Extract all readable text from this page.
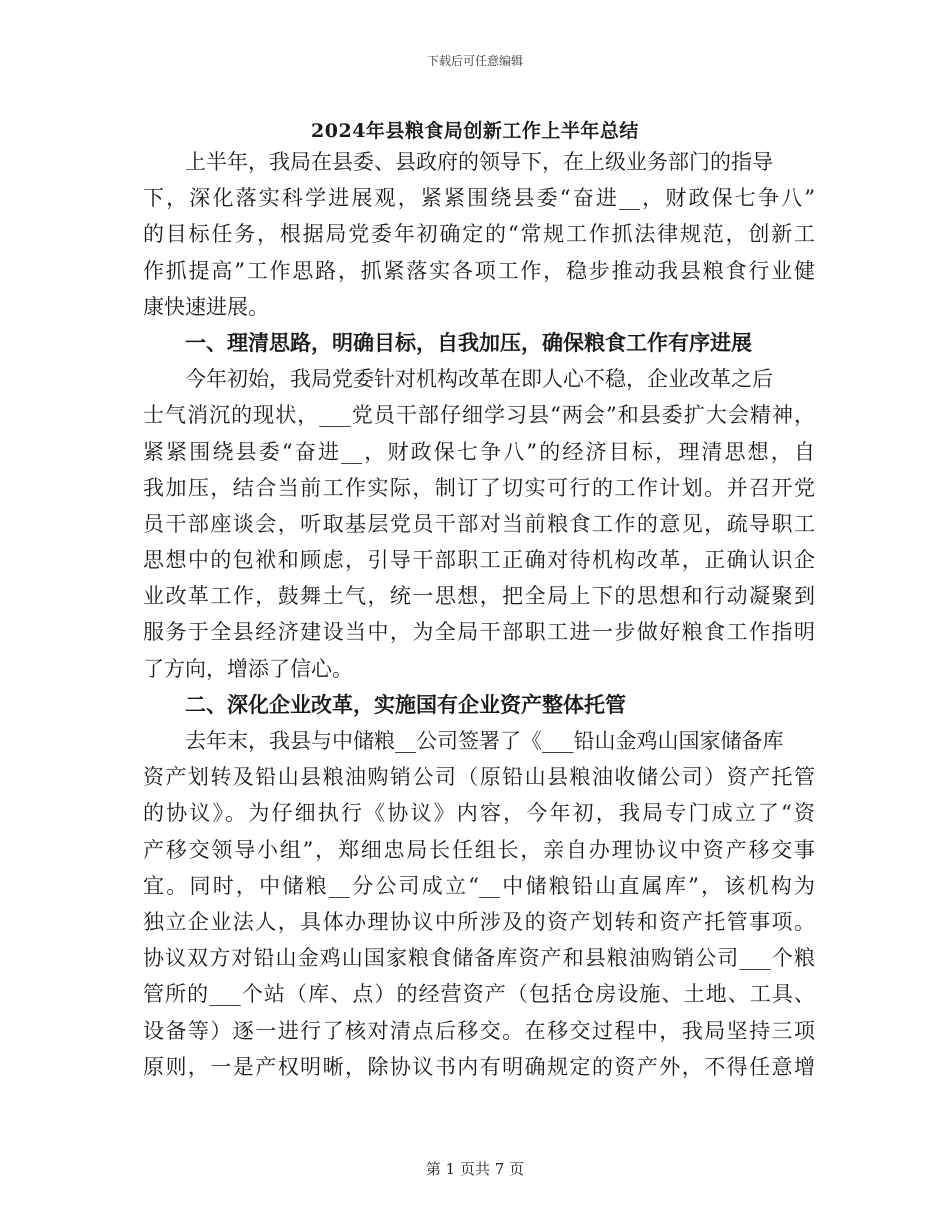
下载后可任意编辑
2024年县粮食局创新工作上半年总结
上半年，我局在县委、县政府的领导下，在上级业务部门的指导
下，深化落实科学进展观，紧紧围绕县委“奋进__，财政保七争八”
的目标任务，根据局党委年初确定的“常规工作抓法律规范，创新工
作抓提高”工作思路，抓紧落实各项工作，稳步推动我县粮食行业健
康快速进展。
一、理清思路，明确目标，自我加压，确保粮食工作有序进展
今年初始，我局党委针对机构改革在即人心不稳，企业改革之后
士气消沉的现状，___党员干部仔细学习县“两会”和县委扩大会精神，
紧紧围绕县委“奋进__，财政保七争八”的经济目标，理清思想，自
我加压，结合当前工作实际，制订了切实可行的工作计划。并召开党
员干部座谈会，听取基层党员干部对当前粮食工作的意见，疏导职工
思想中的包袱和顾虑，引导干部职工正确对待机构改革，正确认识企
业改革工作，鼓舞土气，统一思想，把全局上下的思想和行动凝聚到
服务于全县经济建设当中，为全局干部职工进一步做好粮食工作指明
了方向，增添了信心。
二、深化企业改革，实施国有企业资产整体托管
去年末，我县与中储粮__公司签署了《___铅山金鸡山国家储备库
资产划转及铅山县粮油购销公司（原铅山县粮油收储公司）资产托管
的协议》。为仔细执行《协议》内容，今年初，我局专门成立了“资
产移交领导小组”，郑细忠局长任组长，亲自办理协议中资产移交事
宜。同时，中储粮__分公司成立“__中储粮铅山直属库”，该机构为
独立企业法人，具体办理协议中所涉及的资产划转和资产托管事项。
协议双方对铅山金鸡山国家粮食储备库资产和县粮油购销公司___个粮
管所的___个站（库、点）的经营资产（包括仓房设施、土地、工具、
设备等）逐一进行了核对清点后移交。在移交过程中，我局坚持三项
原则，一是产权明晰，除协议书内有明确规定的资产外，不得任意增
第 1 页共 7 页
